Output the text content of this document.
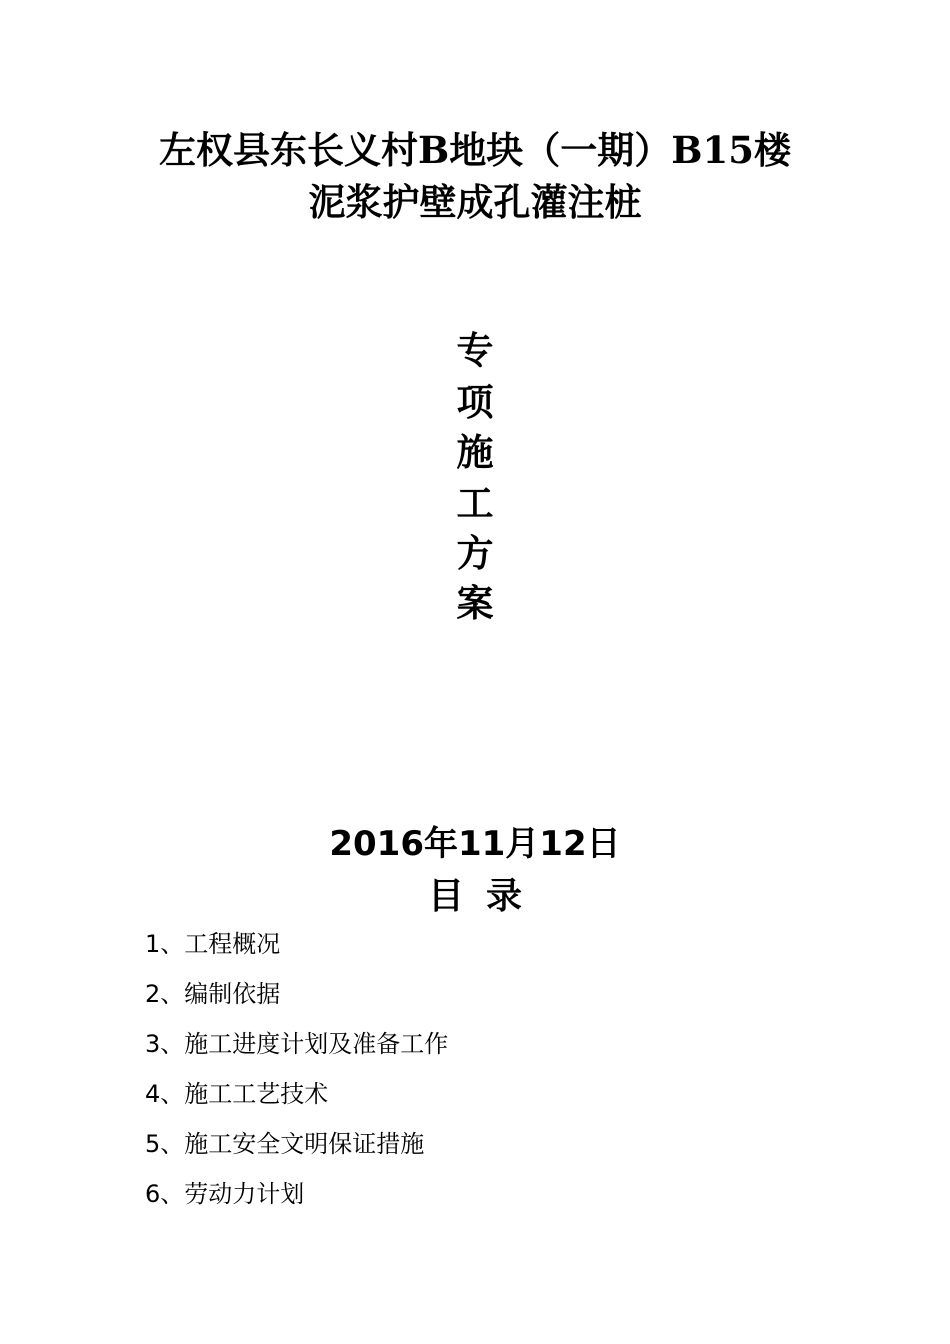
左权县东长义村B地块（一期）B15楼
泥浆护壁成孔灌注桩
专
项
施
工
方
案
2016年11月12日
目录
1、工程概况
2、编制依据
3、施工进度计划及准备工作
4、施工工艺技术
5、施工安全文明保证措施
6、劳动力计划
